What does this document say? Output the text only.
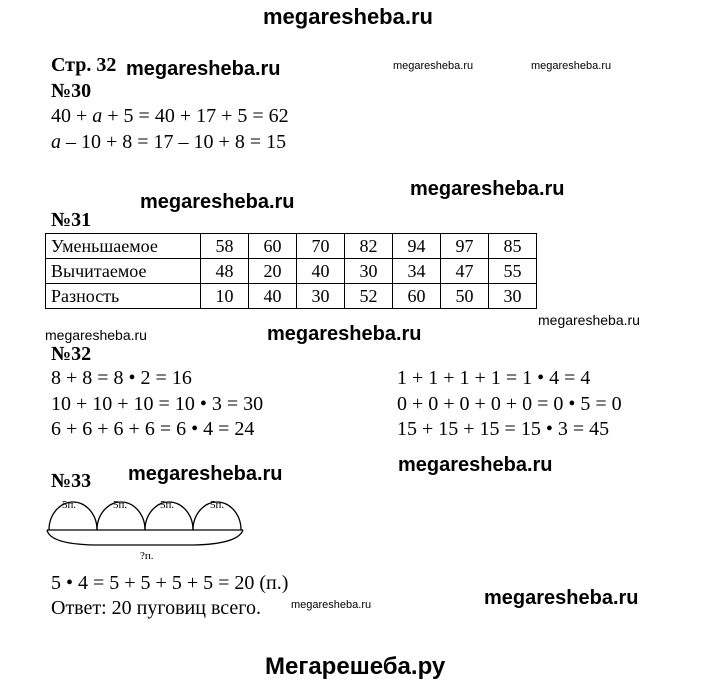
megaresheba.ru
megaresheba.ru	megaresheba.ru	megaresheba.ru
megaresheba.ru
megaresheba.ru
megaresheba.ru	megaresheba.ru
megaresheba.ru
megaresheba.ru	megaresheba.ru
megaresheba.ru	megaresheba.ru
Стр. 32
№30
40 + а + 5 = 40 + 17 + 5 = 62
а – 10 + 8 = 17 – 10 + 8 = 15
№31
Уменьшаемое	58	60	70	82	94	97	85
Вычитаемое	48	20	40	30	34	47	55
Разность	10	40	30	52	60	50	30
№32
8 + 8 = 8 • 2 = 16
10 + 10 + 10 = 10 • 3 = 30
6 + 6 + 6 + 6 = 6 • 4 = 24
1 + 1 + 1 + 1 = 1 • 4 = 4
0 + 0 + 0 + 0 + 0 = 0 • 5 = 0
15 + 15 + 15 = 15 • 3 = 45
№33
5п.	5п.	5п.	5п.
?п.
5 • 4 = 5 + 5 + 5 + 5 = 20 (п.)
Ответ: 20 пуговиц всего.
Мегарешеба.ру
